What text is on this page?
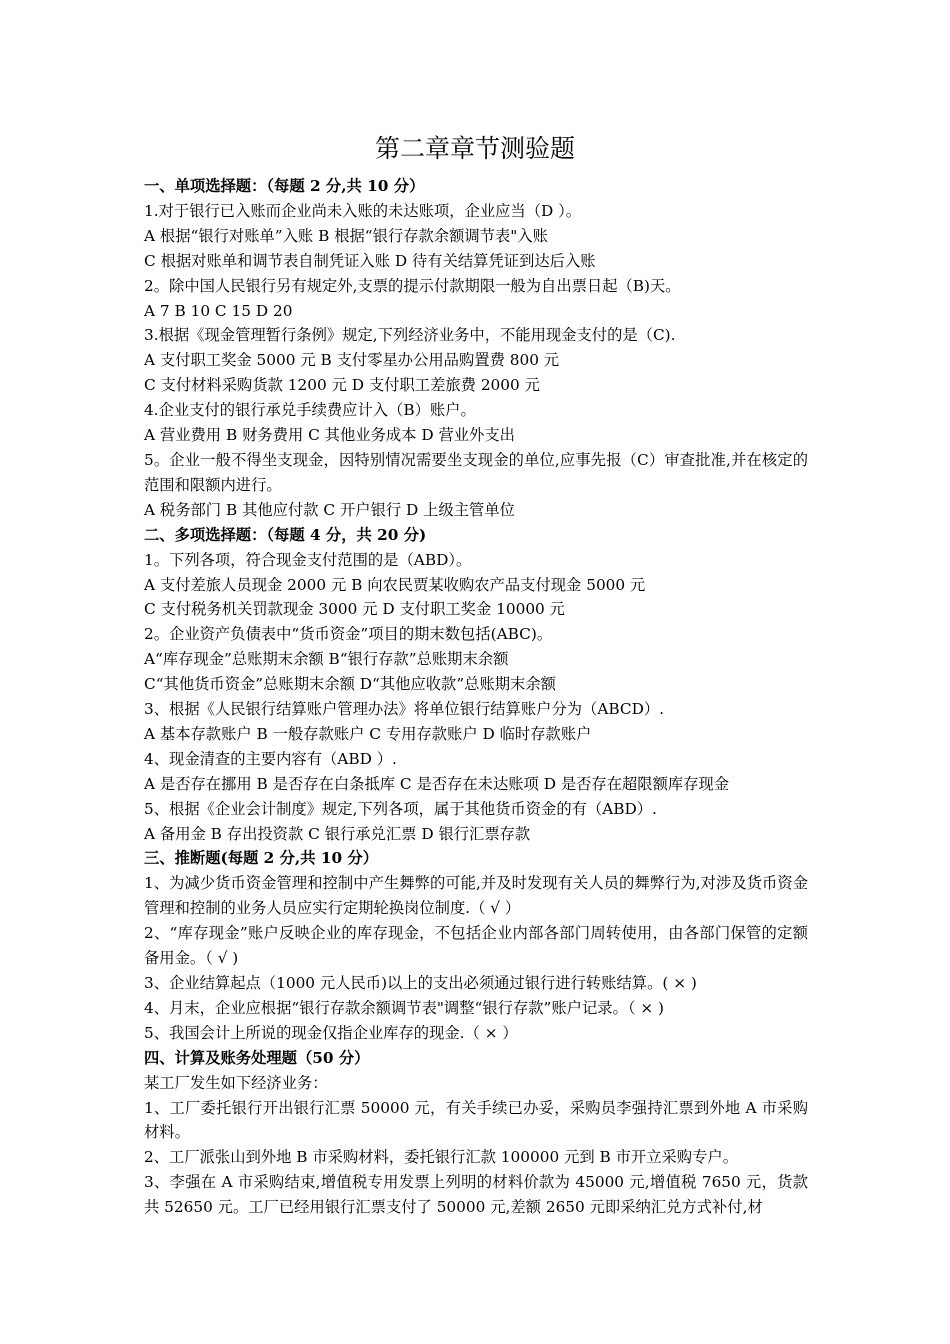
第二章章节测验题

一、单项选择题：（每题 2 分,共 10 分）

1.对于银行已入账而企业尚未入账的未达账项，企业应当（D ）。

A 根据“银行对账单”入账 B 根据“银行存款余额调节表"入账

C 根据对账单和调节表自制凭证入账 D 待有关结算凭证到达后入账

2。除中国人民银行另有规定外,支票的提示付款期限一般为自出票日起（B)天。

A 7 B 10 C 15 D 20

3.根据《现金管理暂行条例》规定,下列经济业务中，不能用现金支付的是（C).

A 支付职工奖金 5000 元 B 支付零星办公用品购置费 800 元

C 支付材料采购货款 1200 元 D 支付职工差旅费 2000 元

4.企业支付的银行承兑手续费应计入（B）账户。

A 营业费用 B 财务费用 C 其他业务成本 D 营业外支出

5。企业一般不得坐支现金，因特别情况需要坐支现金的单位,应事先报（C）审查批准,并在核定的范围和限额内进行。

A 税务部门 B 其他应付款 C 开户银行 D 上级主管单位

二、多项选择题：（每题 4 分，共 20 分)

1。下列各项，符合现金支付范围的是（ABD）。

A 支付差旅人员现金 2000 元 B 向农民贾某收购农产品支付现金 5000 元

C 支付税务机关罚款现金 3000 元 D 支付职工奖金 10000 元

2。企业资产负债表中“货币资金”项目的期末数包括(ABC)。

A“库存现金”总账期末余额 B“银行存款”总账期末余额

C“其他货币资金”总账期末余额 D“其他应收款”总账期末余额

3、根据《人民银行结算账户管理办法》将单位银行结算账户分为（ABCD）.

A 基本存款账户 B 一般存款账户 C 专用存款账户 D 临时存款账户

4、现金清查的主要内容有（ABD ）.

A 是否存在挪用 B 是否存在白条抵库 C 是否存在未达账项 D 是否存在超限额库存现金

5、根据《企业会计制度》规定,下列各项，属于其他货币资金的有（ABD）.

A 备用金 B 存出投资款 C 银行承兑汇票 D 银行汇票存款

三、推断题(每题 2 分,共 10 分）

1、为减少货币资金管理和控制中产生舞弊的可能,并及时发现有关人员的舞弊行为,对涉及货币资金管理和控制的业务人员应实行定期轮换岗位制度.（ √ ）

2、“库存现金”账户反映企业的库存现金，不包括企业内部各部门周转使用，由各部门保管的定额备用金。（ √ )

3、企业结算起点（1000 元人民币)以上的支出必须通过银行进行转账结算。( × )

4、月末，企业应根据“银行存款余额调节表"调整“银行存款”账户记录。（ × )

5、我国会计上所说的现金仅指企业库存的现金.（ × ）

四、计算及账务处理题（50 分）

某工厂发生如下经济业务：

1、工厂委托银行开出银行汇票 50000 元，有关手续已办妥，采购员李强持汇票到外地 A 市采购材料。

2、工厂派张山到外地 B 市采购材料，委托银行汇款 100000 元到 B 市开立采购专户。

3、李强在 A 市采购结束,增值税专用发票上列明的材料价款为 45000 元,增值税 7650 元，货款共 52650 元。工厂已经用银行汇票支付了 50000 元,差额 2650 元即采纳汇兑方式补付,材
